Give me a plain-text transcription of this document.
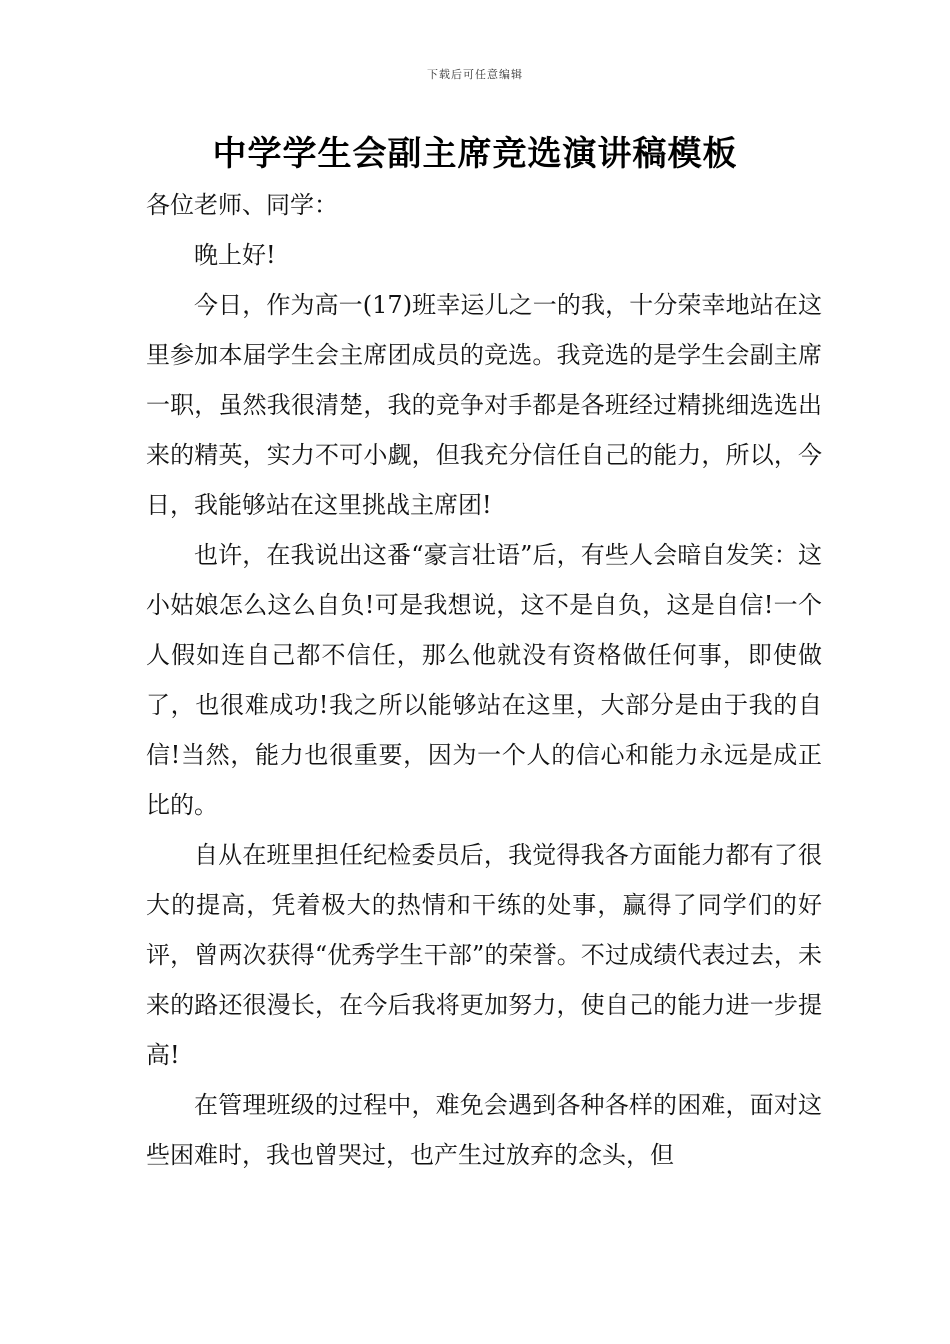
下载后可任意编辑
中学学生会副主席竞选演讲稿模板

各位老师、同学：

晚上好!

今日，作为高一(17)班幸运儿之一的我，十分荣幸地站在这里参加本届学生会主席团成员的竞选。我竞选的是学生会副主席一职，虽然我很清楚，我的竞争对手都是各班经过精挑细选选出来的精英，实力不可小觑，但我充分信任自己的能力，所以，今日，我能够站在这里挑战主席团!

也许，在我说出这番“豪言壮语”后，有些人会暗自发笑：这小姑娘怎么这么自负!可是我想说，这不是自负，这是自信!一个人假如连自己都不信任，那么他就没有资格做任何事，即使做了，也很难成功!我之所以能够站在这里，大部分是由于我的自信!当然，能力也很重要，因为一个人的信心和能力永远是成正比的。

自从在班里担任纪检委员后，我觉得我各方面能力都有了很大的提高，凭着极大的热情和干练的处事，赢得了同学们的好评，曾两次获得“优秀学生干部”的荣誉。不过成绩代表过去，未来的路还很漫长，在今后我将更加努力，使自己的能力进一步提高!

在管理班级的过程中，难免会遇到各种各样的困难，面对这些困难时，我也曾哭过，也产生过放弃的念头，但
